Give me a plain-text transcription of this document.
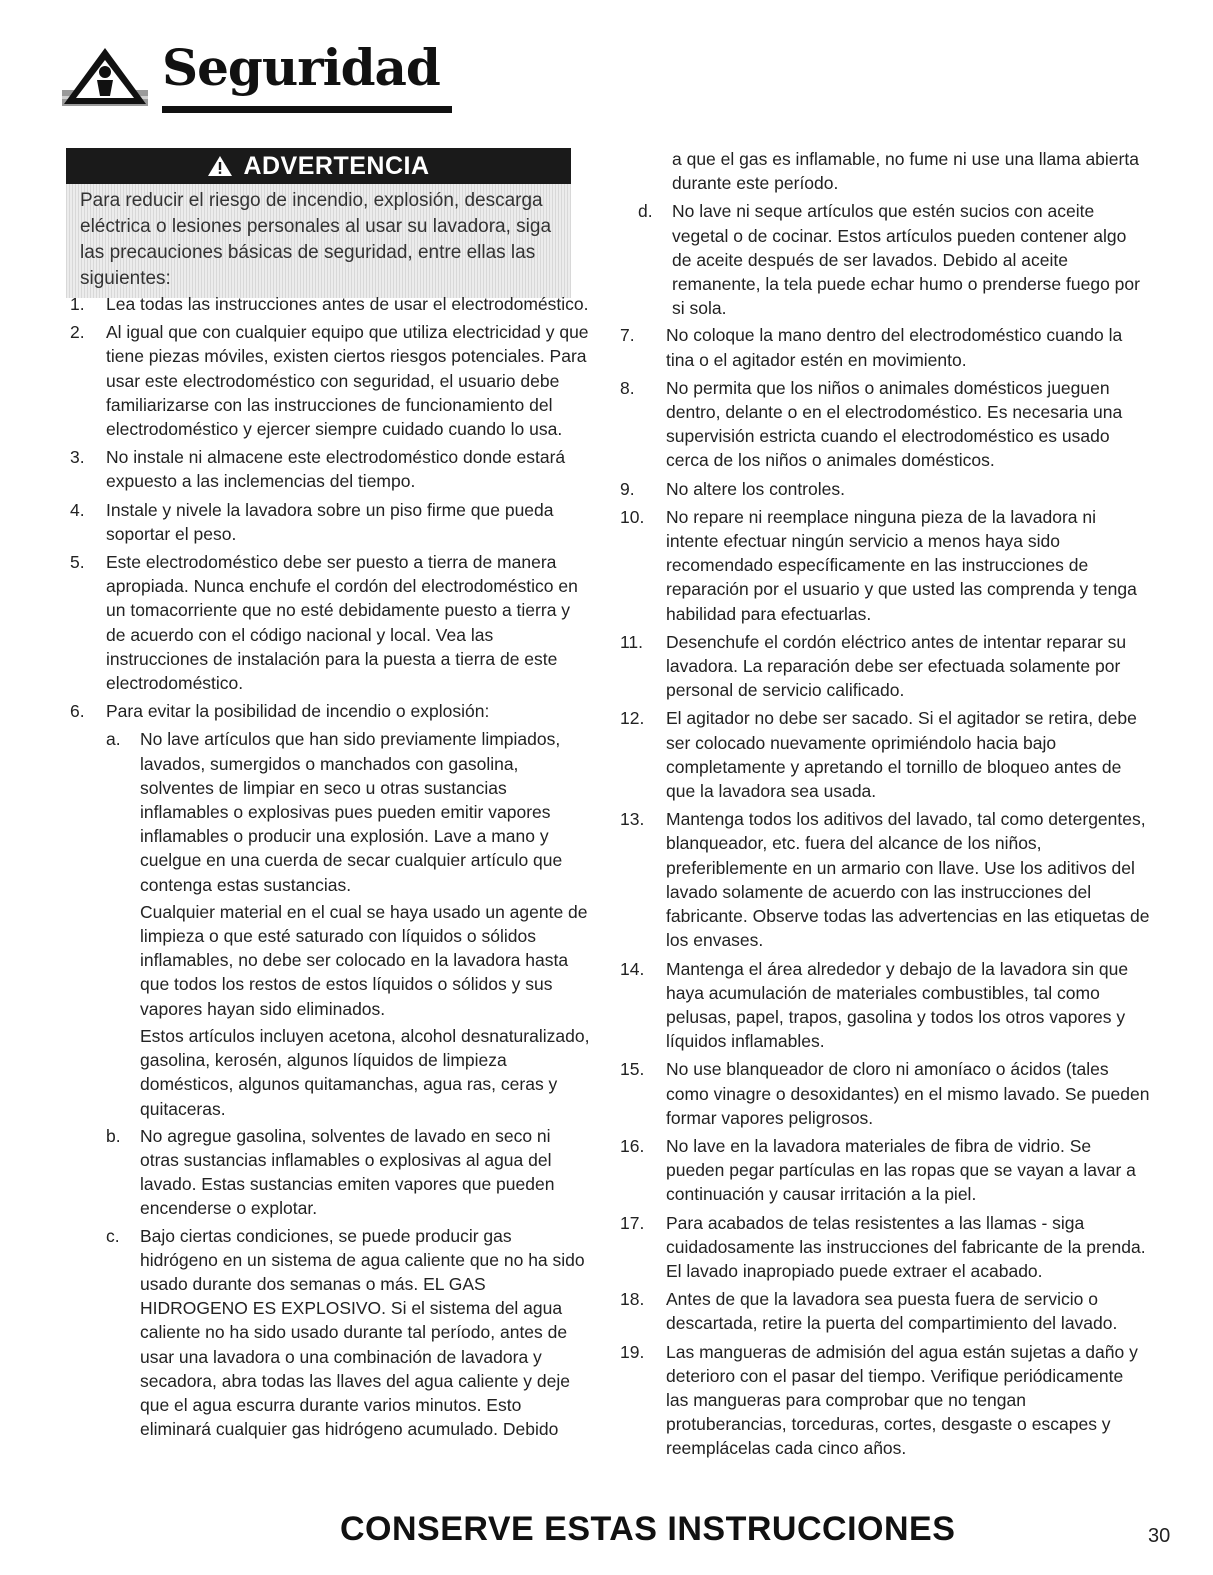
Seguridad
ADVERTENCIA
Para reducir el riesgo de incendio, explosión, descarga eléctrica o lesiones personales al usar su lavadora, siga las precauciones básicas de seguridad, entre ellas las siguientes:
1.	Lea todas las instrucciones antes de usar el electrodoméstico.
2.	Al igual que con cualquier equipo que utiliza electricidad y que tiene piezas móviles, existen ciertos riesgos potenciales. Para usar este electrodoméstico con seguridad, el usuario debe familiarizarse con las instrucciones de funcionamiento del electrodoméstico y ejercer siempre cuidado cuando lo usa.
3.	No instale ni almacene este electrodoméstico donde estará expuesto a las inclemencias del tiempo.
4.	Instale y nivele la lavadora sobre un piso firme que pueda soportar el peso.
5.	Este electrodoméstico debe ser puesto a tierra de manera apropiada. Nunca enchufe el cordón del electrodoméstico en un tomacorriente que no esté debidamente puesto a tierra y de acuerdo con el código nacional y local. Vea las instrucciones de instalación para la puesta a tierra de este electrodoméstico.
6.	Para evitar la posibilidad de incendio o explosión:
a.	No lave artículos que han sido previamente limpiados, lavados, sumergidos o manchados con gasolina, solventes de limpiar en seco u otras sustancias inflamables o explosivas pues pueden emitir vapores inflamables o producir una explosión. Lave a mano y cuelgue en una cuerda de secar cualquier artículo que contenga estas sustancias.
Cualquier material en el cual se haya usado un agente de limpieza o que esté saturado con líquidos o sólidos inflamables, no debe ser colocado en la lavadora hasta que todos los restos de estos líquidos o sólidos y sus vapores hayan sido eliminados.
Estos artículos incluyen acetona, alcohol desnaturalizado, gasolina, kerosén, algunos líquidos de limpieza domésticos, algunos quitamanchas, agua ras, ceras y quitaceras.
b.	No agregue gasolina, solventes de lavado en seco ni otras sustancias inflamables o explosivas al agua del lavado. Estas sustancias emiten vapores que pueden encenderse o explotar.
c.	Bajo ciertas condiciones, se puede producir gas hidrógeno en un sistema de agua caliente que no ha sido usado durante dos semanas o más. EL GAS HIDROGENO ES EXPLOSIVO. Si el sistema del agua caliente no ha sido usado durante tal período, antes de usar una lavadora o una combinación de lavadora y secadora, abra todas las llaves del agua caliente y deje que el agua escurra durante varios minutos. Esto eliminará cualquier gas hidrógeno acumulado. Debido
a que el gas es inflamable, no fume ni use una llama abierta durante este período.
d.	No lave ni seque artículos que estén sucios con aceite vegetal o de cocinar. Estos artículos pueden contener algo de aceite después de ser lavados. Debido al aceite remanente, la tela puede echar humo o prenderse fuego por si sola.
7.	No coloque la mano dentro del electrodoméstico cuando la tina o el agitador estén en movimiento.
8.	No permita que los niños o animales domésticos jueguen dentro, delante o en el electrodoméstico. Es necesaria una supervisión estricta cuando el electrodoméstico es usado cerca de los niños o animales domésticos.
9.	No altere los controles.
10.	No repare ni reemplace ninguna pieza de la lavadora ni intente efectuar ningún servicio a menos haya sido recomendado específicamente en las instrucciones de reparación por el usuario y que usted las comprenda y tenga habilidad para efectuarlas.
11.	Desenchufe el cordón eléctrico antes de intentar reparar su lavadora. La reparación debe ser efectuada solamente por personal de servicio calificado.
12.	El agitador no debe ser sacado. Si el agitador se retira, debe ser colocado nuevamente oprimiéndolo hacia bajo completamente y apretando el tornillo de bloqueo antes de que la lavadora sea usada.
13.	Mantenga todos los aditivos del lavado, tal como detergentes, blanqueador, etc. fuera del alcance de los niños, preferiblemente en un armario con llave. Use los aditivos del lavado solamente de acuerdo con las instrucciones del fabricante. Observe todas las advertencias en las etiquetas de los envases.
14.	Mantenga el área alrededor y debajo de la lavadora sin que haya acumulación de materiales combustibles, tal como pelusas, papel, trapos, gasolina y todos los otros vapores y líquidos inflamables.
15.	No use blanqueador de cloro ni amoníaco o ácidos (tales como vinagre o desoxidantes) en el mismo lavado. Se pueden formar vapores peligrosos.
16.	No lave en la lavadora materiales de fibra de vidrio. Se pueden pegar partículas en las ropas que se vayan a lavar a continuación y causar irritación a la piel.
17.	Para acabados de telas resistentes a las llamas - siga cuidadosamente las instrucciones del fabricante de la prenda. El lavado inapropiado puede extraer el acabado.
18.	Antes de que la lavadora sea puesta fuera de servicio o descartada, retire la puerta del compartimiento del lavado.
19.	Las mangueras de admisión del agua están sujetas a daño y deterioro con el pasar del tiempo. Verifique periódicamente las mangueras para comprobar que no tengan protuberancias, torceduras, cortes, desgaste o escapes y reemplácelas cada cinco años.
CONSERVE ESTAS INSTRUCCIONES	30
